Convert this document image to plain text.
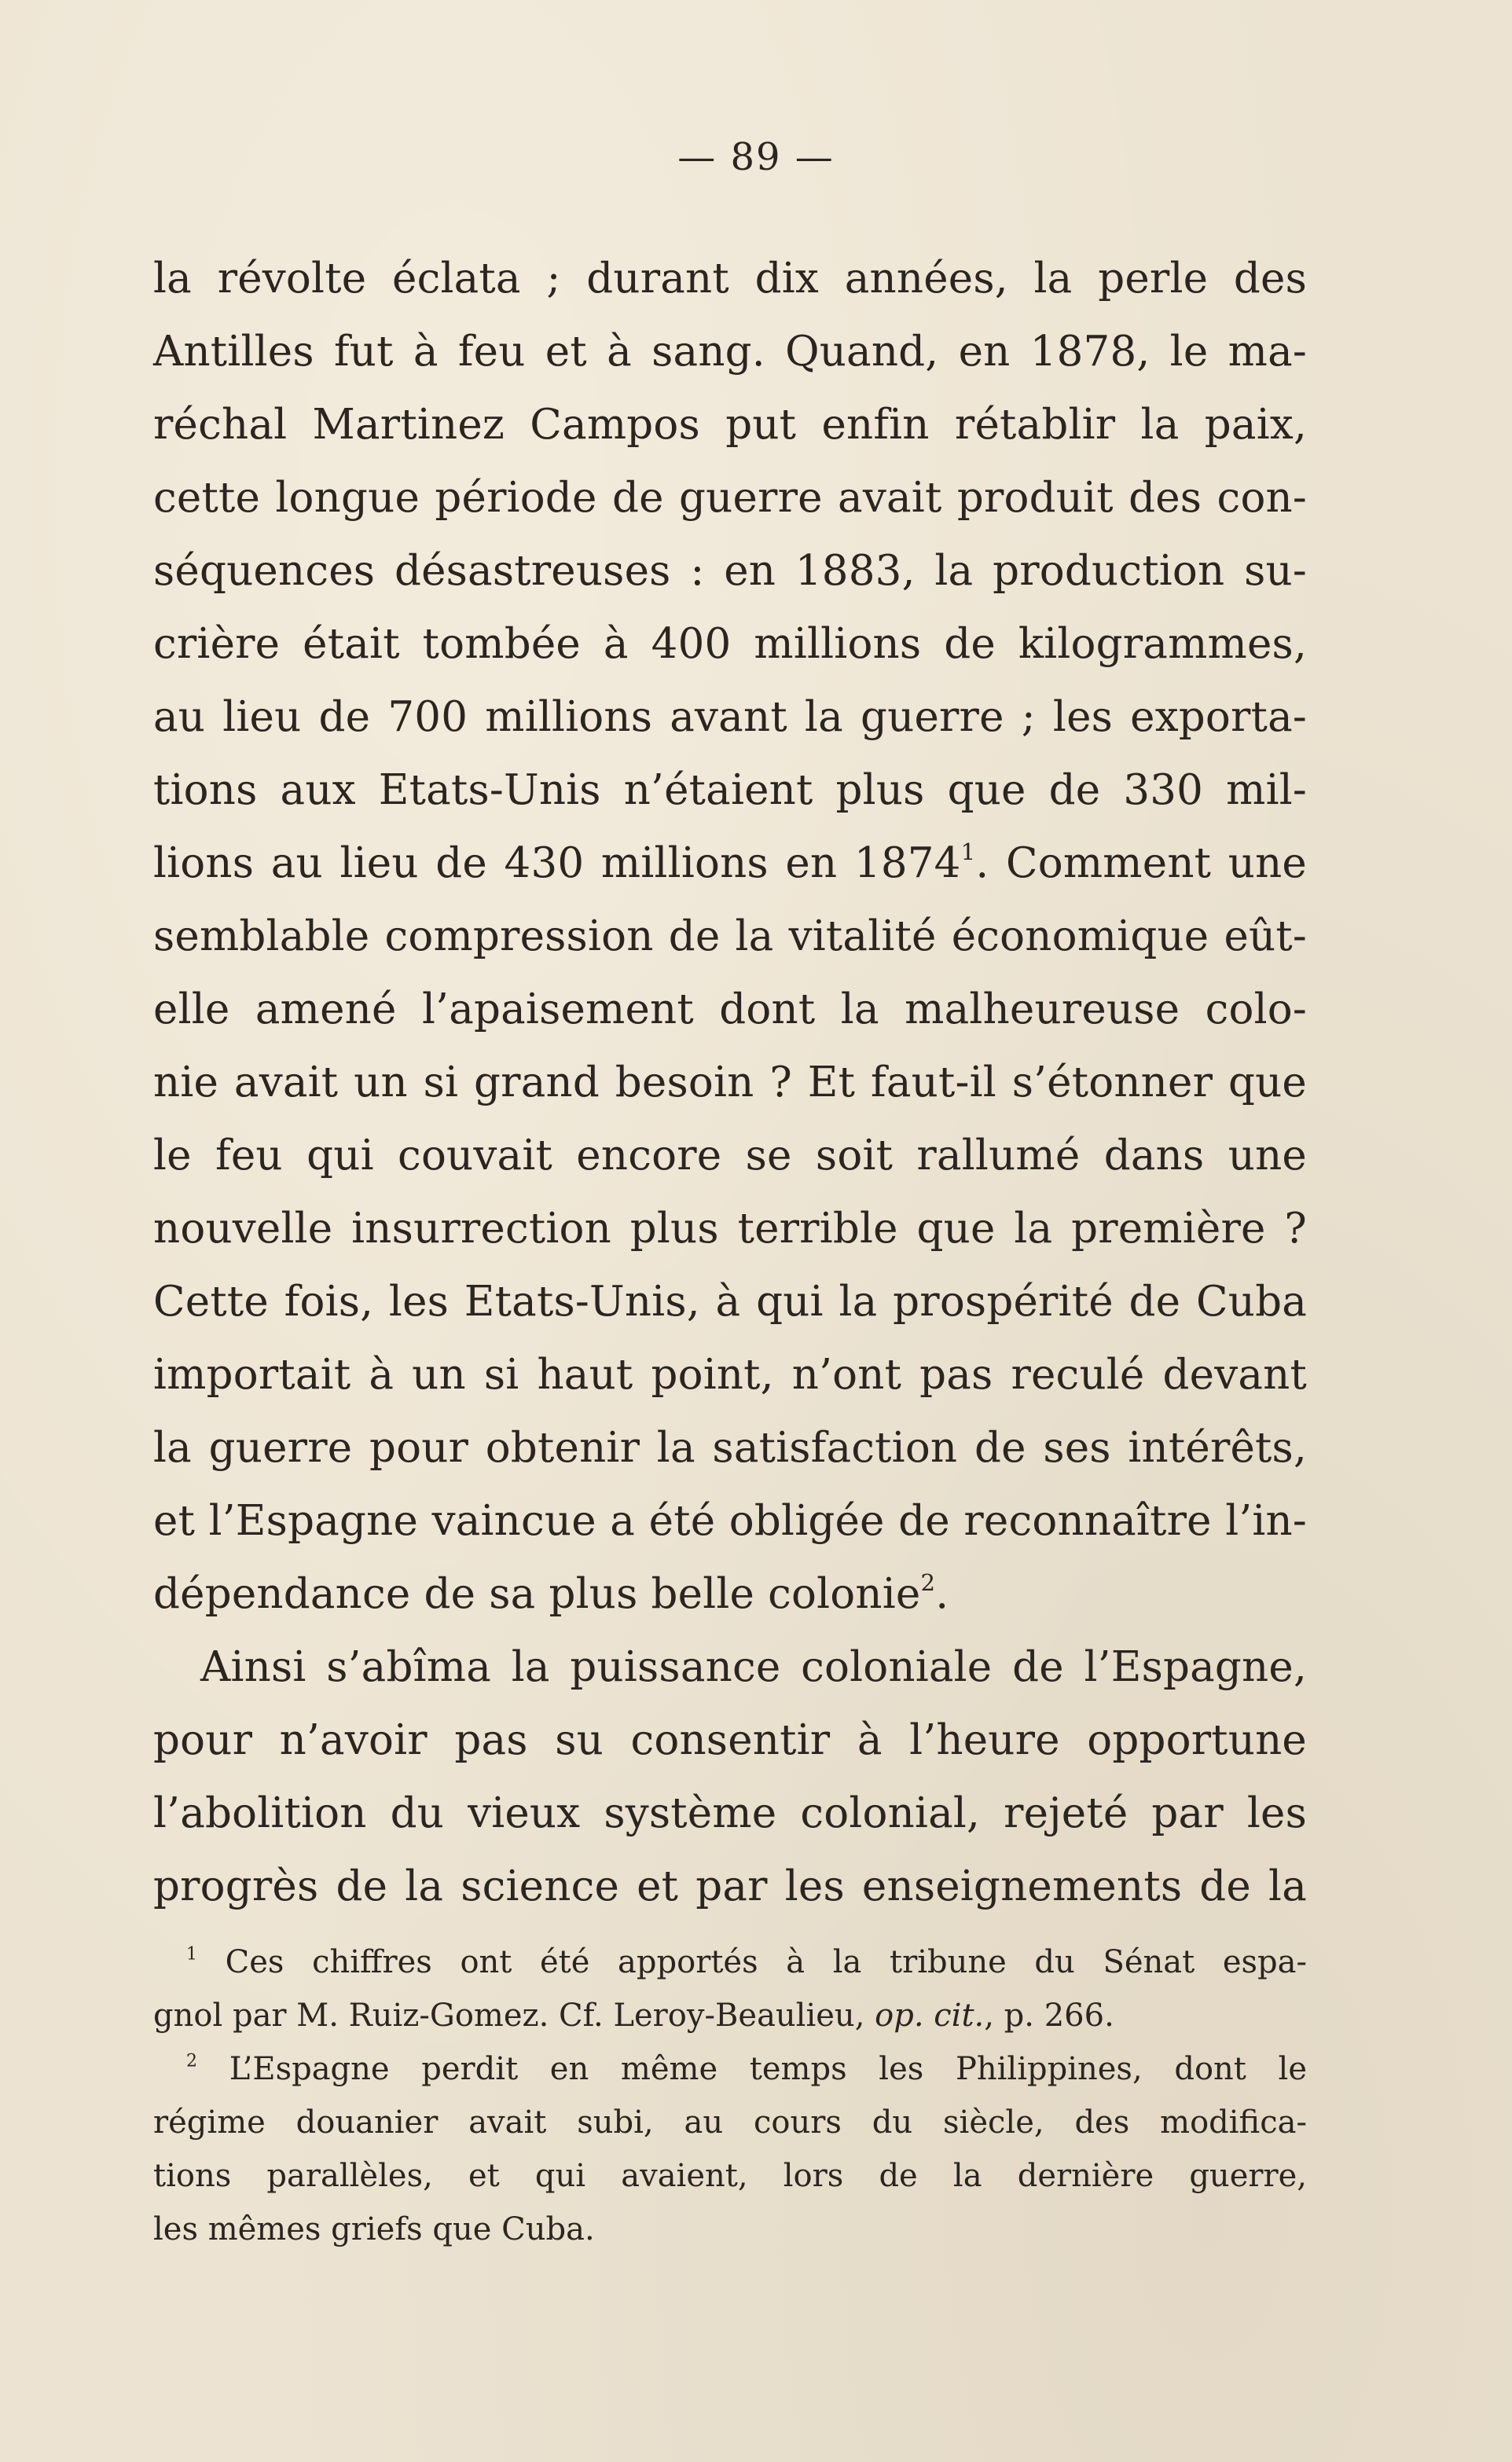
— 89 —
la révolte éclata ; durant dix années, la perle des
Antilles fut à feu et à sang. Quand, en 1878, le ma-
réchal Martinez Campos put enfin rétablir la paix,
cette longue période de guerre avait produit des con-
séquences désastreuses : en 1883, la production su-
crière était tombée à 400 millions de kilogrammes,
au lieu de 700 millions avant la guerre ; les exporta-
tions aux Etats-Unis n’étaient plus que de 330 mil-
lions au lieu de 430 millions en 1874$^1$. Comment une
semblable compression de la vitalité économique eût-
elle amené l’apaisement dont la malheureuse colo-
nie avait un si grand besoin ? Et faut-il s’étonner que
le feu qui couvait encore se soit rallumé dans une
nouvelle insurrection plus terrible que la première ?
Cette fois, les Etats-Unis, à qui la prospérité de Cuba
importait à un si haut point, n’ont pas reculé devant
la guerre pour obtenir la satisfaction de ses intérêts,
et l’Espagne vaincue a été obligée de reconnaître l’in-
dépendance de sa plus belle colonie$^2$.
Ainsi s’abîma la puissance coloniale de l’Espagne,
pour n’avoir pas su consentir à l’heure opportune
l’abolition du vieux système colonial, rejeté par les
progrès de la science et par les enseignements de la
$^1$ Ces chiffres ont été apportés à la tribune du Sénat espa-
gnol par M. Ruiz-Gomez. Cf. Leroy-Beaulieu, op. cit., p. 266.
$^2$ L’Espagne perdit en même temps les Philippines, dont le
régime douanier avait subi, au cours du siècle, des modifica-
tions parallèles, et qui avaient, lors de la dernière guerre,
les mêmes griefs que Cuba.
